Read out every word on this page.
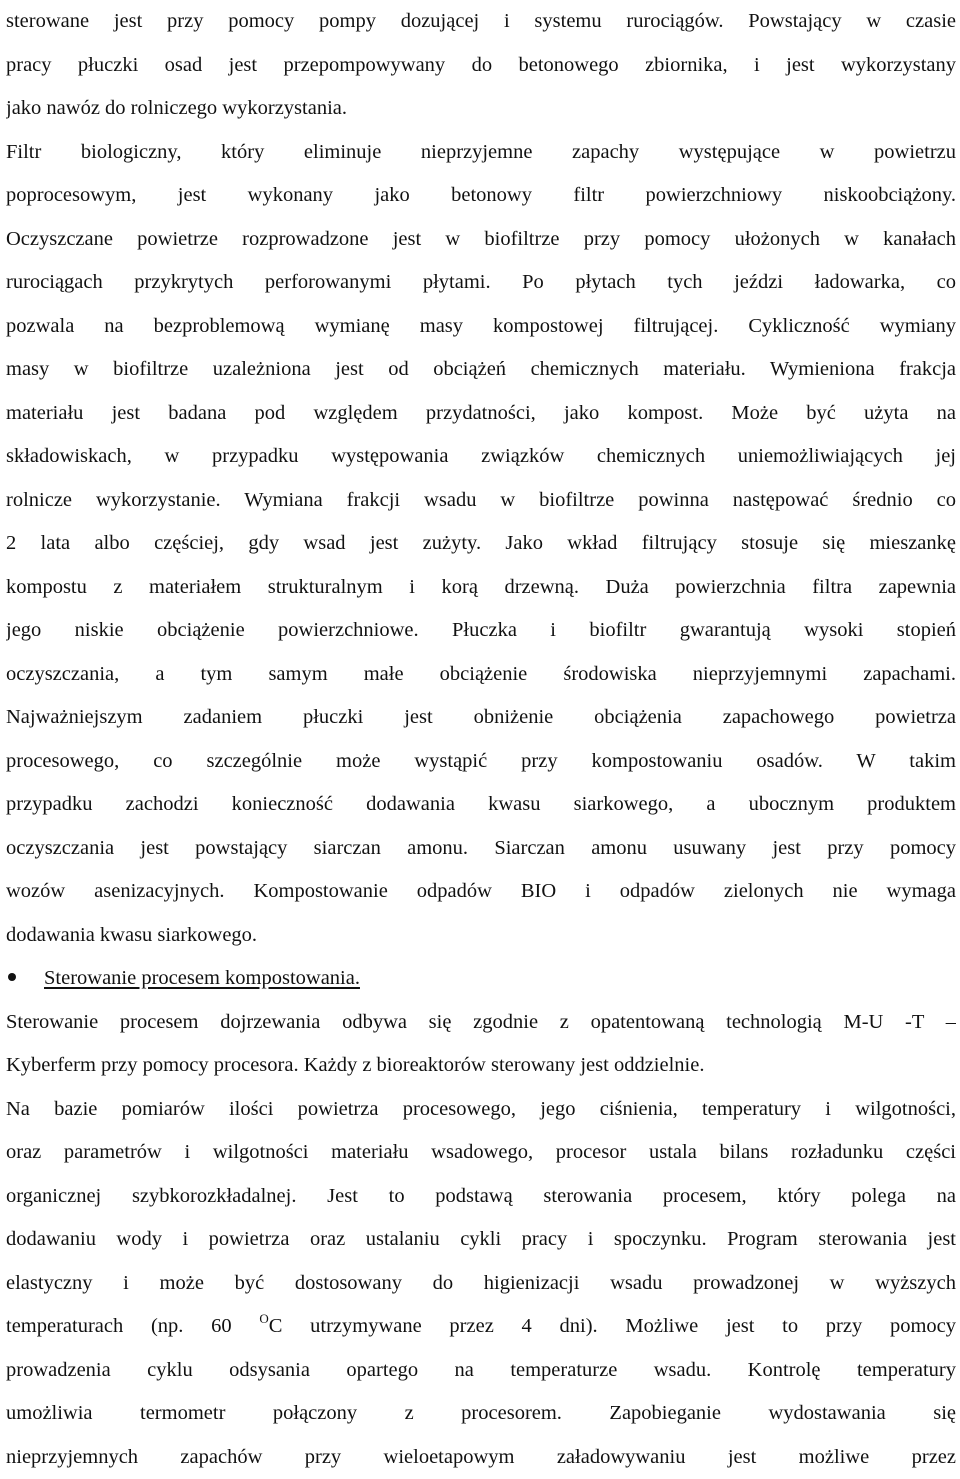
sterowane jest przy pomocy pompy dozującej i systemu rurociągów. Powstający w czasie
pracy płuczki osad jest przepompowywany do betonowego zbiornika, i jest wykorzystany
jako nawóz do rolniczego wykorzystania.
Filtr biologiczny, który eliminuje nieprzyjemne zapachy występujące w powietrzu
poprocesowym, jest wykonany jako betonowy filtr powierzchniowy niskoobciążony.
Oczyszczane powietrze rozprowadzone jest w biofiltrze przy pomocy ułożonych w kanałach
rurociągach przykrytych perforowanymi płytami. Po płytach tych jeździ ładowarka, co
pozwala na bezproblemową wymianę masy kompostowej filtrującej. Cykliczność wymiany
masy w biofiltrze uzależniona jest od obciążeń chemicznych materiału. Wymieniona frakcja
materiału jest badana pod względem przydatności, jako kompost. Może być użyta na
składowiskach, w przypadku występowania związków chemicznych uniemożliwiających jej
rolnicze wykorzystanie. Wymiana frakcji wsadu w biofiltrze powinna następować średnio co
2 lata albo częściej, gdy wsad jest zużyty. Jako wkład filtrujący stosuje się mieszankę
kompostu z materiałem strukturalnym i korą drzewną. Duża powierzchnia filtra zapewnia
jego niskie obciążenie powierzchniowe. Płuczka i biofiltr gwarantują wysoki stopień
oczyszczania, a tym samym małe obciążenie środowiska nieprzyjemnymi zapachami.
Najważniejszym zadaniem płuczki jest obniżenie obciążenia zapachowego powietrza
procesowego, co szczególnie może wystąpić przy kompostowaniu osadów. W takim
przypadku zachodzi konieczność dodawania kwasu siarkowego, a ubocznym produktem
oczyszczania jest powstający siarczan amonu. Siarczan amonu usuwany jest przy pomocy
wozów asenizacyjnych. Kompostowanie odpadów BIO i odpadów zielonych nie wymaga
dodawania kwasu siarkowego.
Sterowanie procesem kompostowania.
Sterowanie procesem dojrzewania odbywa się zgodnie z opatentowaną technologią M-U -T –
Kyberferm przy pomocy procesora. Każdy z bioreaktorów sterowany jest oddzielnie.
Na bazie pomiarów ilości powietrza procesowego, jego ciśnienia, temperatury i wilgotności,
oraz parametrów i wilgotności materiału wsadowego, procesor ustala bilans rozładunku części
organicznej szybkorozkładalnej. Jest to podstawą sterowania procesem, który polega na
dodawaniu wody i powietrza oraz ustalaniu cykli pracy i spoczynku. Program sterowania jest
elastyczny i może być dostosowany do higienizacji wsadu prowadzonej w wyższych
temperaturach (np. 60 $^O$C utrzymywane przez 4 dni). Możliwe jest to przy pomocy
prowadzenia cyklu odsysania opartego na temperaturze wsadu. Kontrolę temperatury
umożliwia termometr połączony z procesorem. Zapobieganie wydostawania się
nieprzyjemnych zapachów przy wieloetapowym załadowywaniu jest możliwe przez
